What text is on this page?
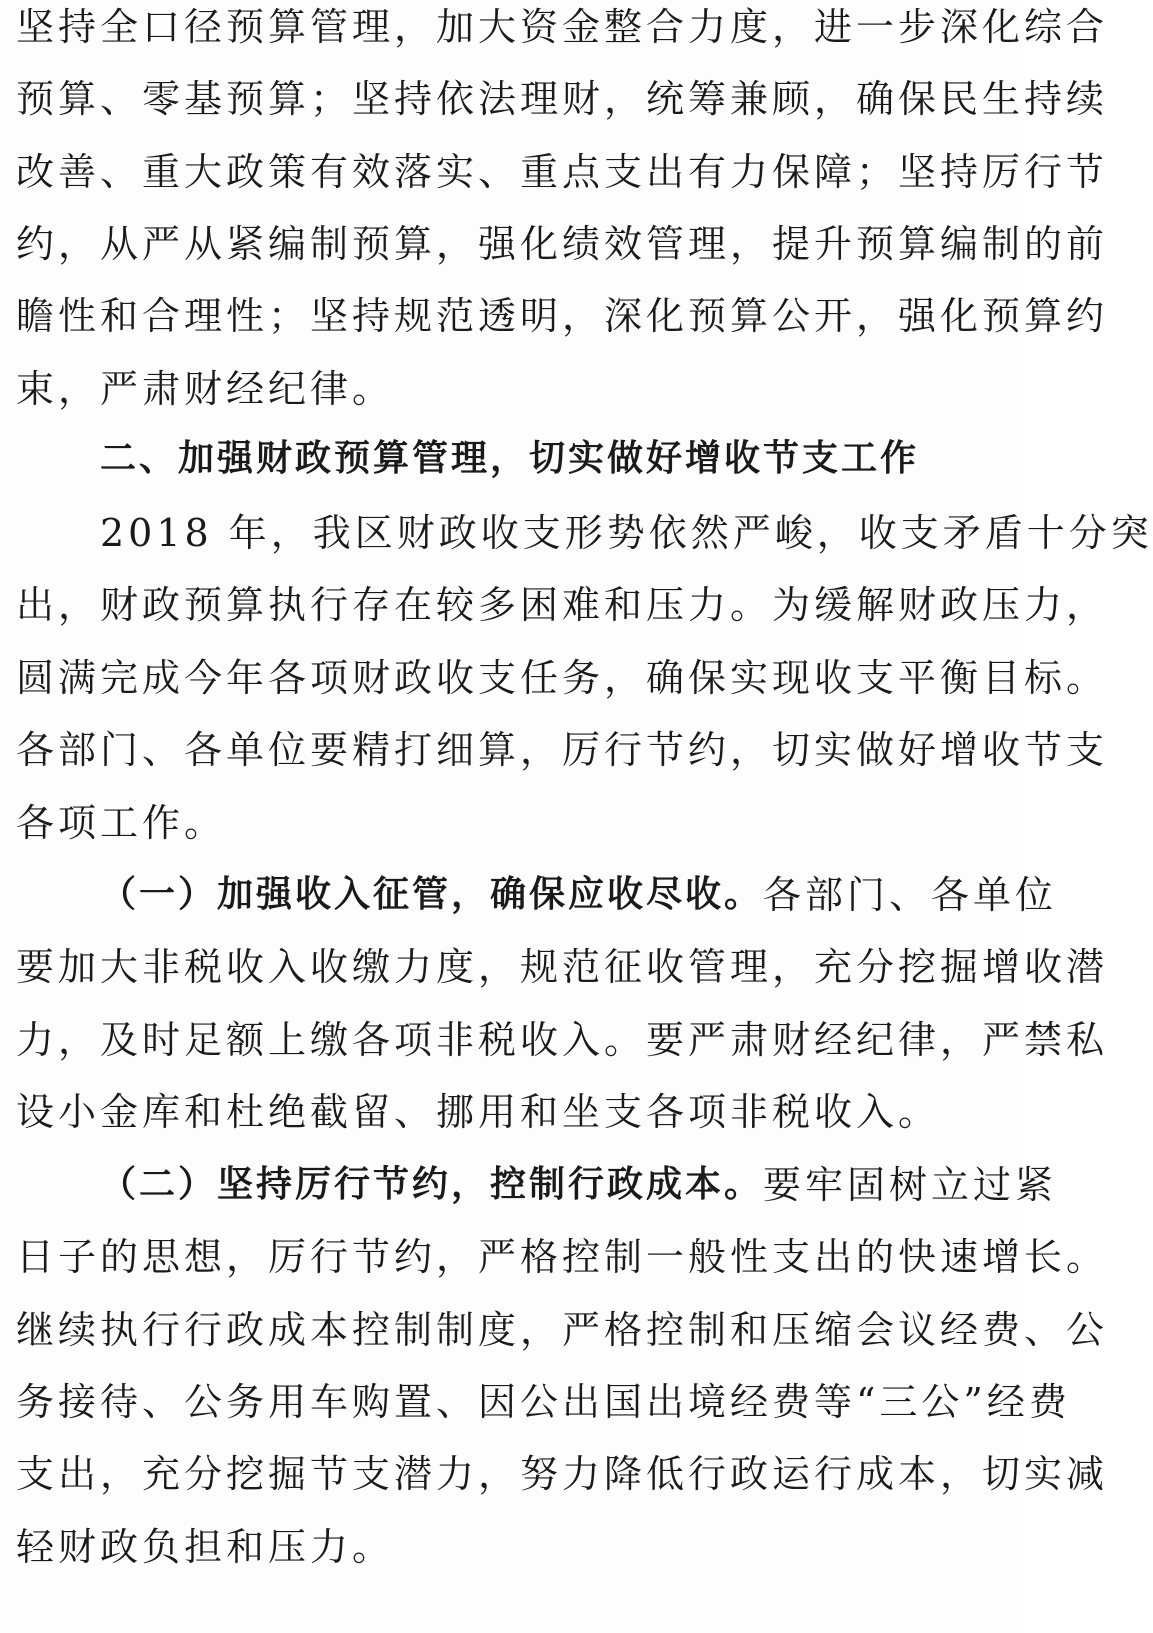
坚持全口径预算管理，加大资金整合力度，进一步深化综合
预算、零基预算；坚持依法理财，统筹兼顾，确保民生持续
改善、重大政策有效落实、重点支出有力保障；坚持厉行节
约，从严从紧编制预算，强化绩效管理，提升预算编制的前
瞻性和合理性；坚持规范透明，深化预算公开，强化预算约
束，严肃财经纪律。
二、加强财政预算管理，切实做好增收节支工作
2018 年，我区财政收支形势依然严峻，收支矛盾十分突
出，财政预算执行存在较多困难和压力。为缓解财政压力，
圆满完成今年各项财政收支任务，确保实现收支平衡目标。
各部门、各单位要精打细算，厉行节约，切实做好增收节支
各项工作。
（一）加强收入征管，确保应收尽收。 各部门、各单位
要加大非税收入收缴力度，规范征收管理，充分挖掘增收潜
力，及时足额上缴各项非税收入。要严肃财经纪律，严禁私
设小金库和杜绝截留、挪用和坐支各项非税收入。
（二）坚持厉行节约，控制行政成本。 要牢固树立过紧
日子的思想，厉行节约，严格控制一般性支出的快速增长。
继续执行行政成本控制制度，严格控制和压缩会议经费、公
务接待、公务用车购置、因公出国出境经费等“三公”经费
支出，充分挖掘节支潜力，努力降低行政运行成本，切实减
轻财政负担和压力。
